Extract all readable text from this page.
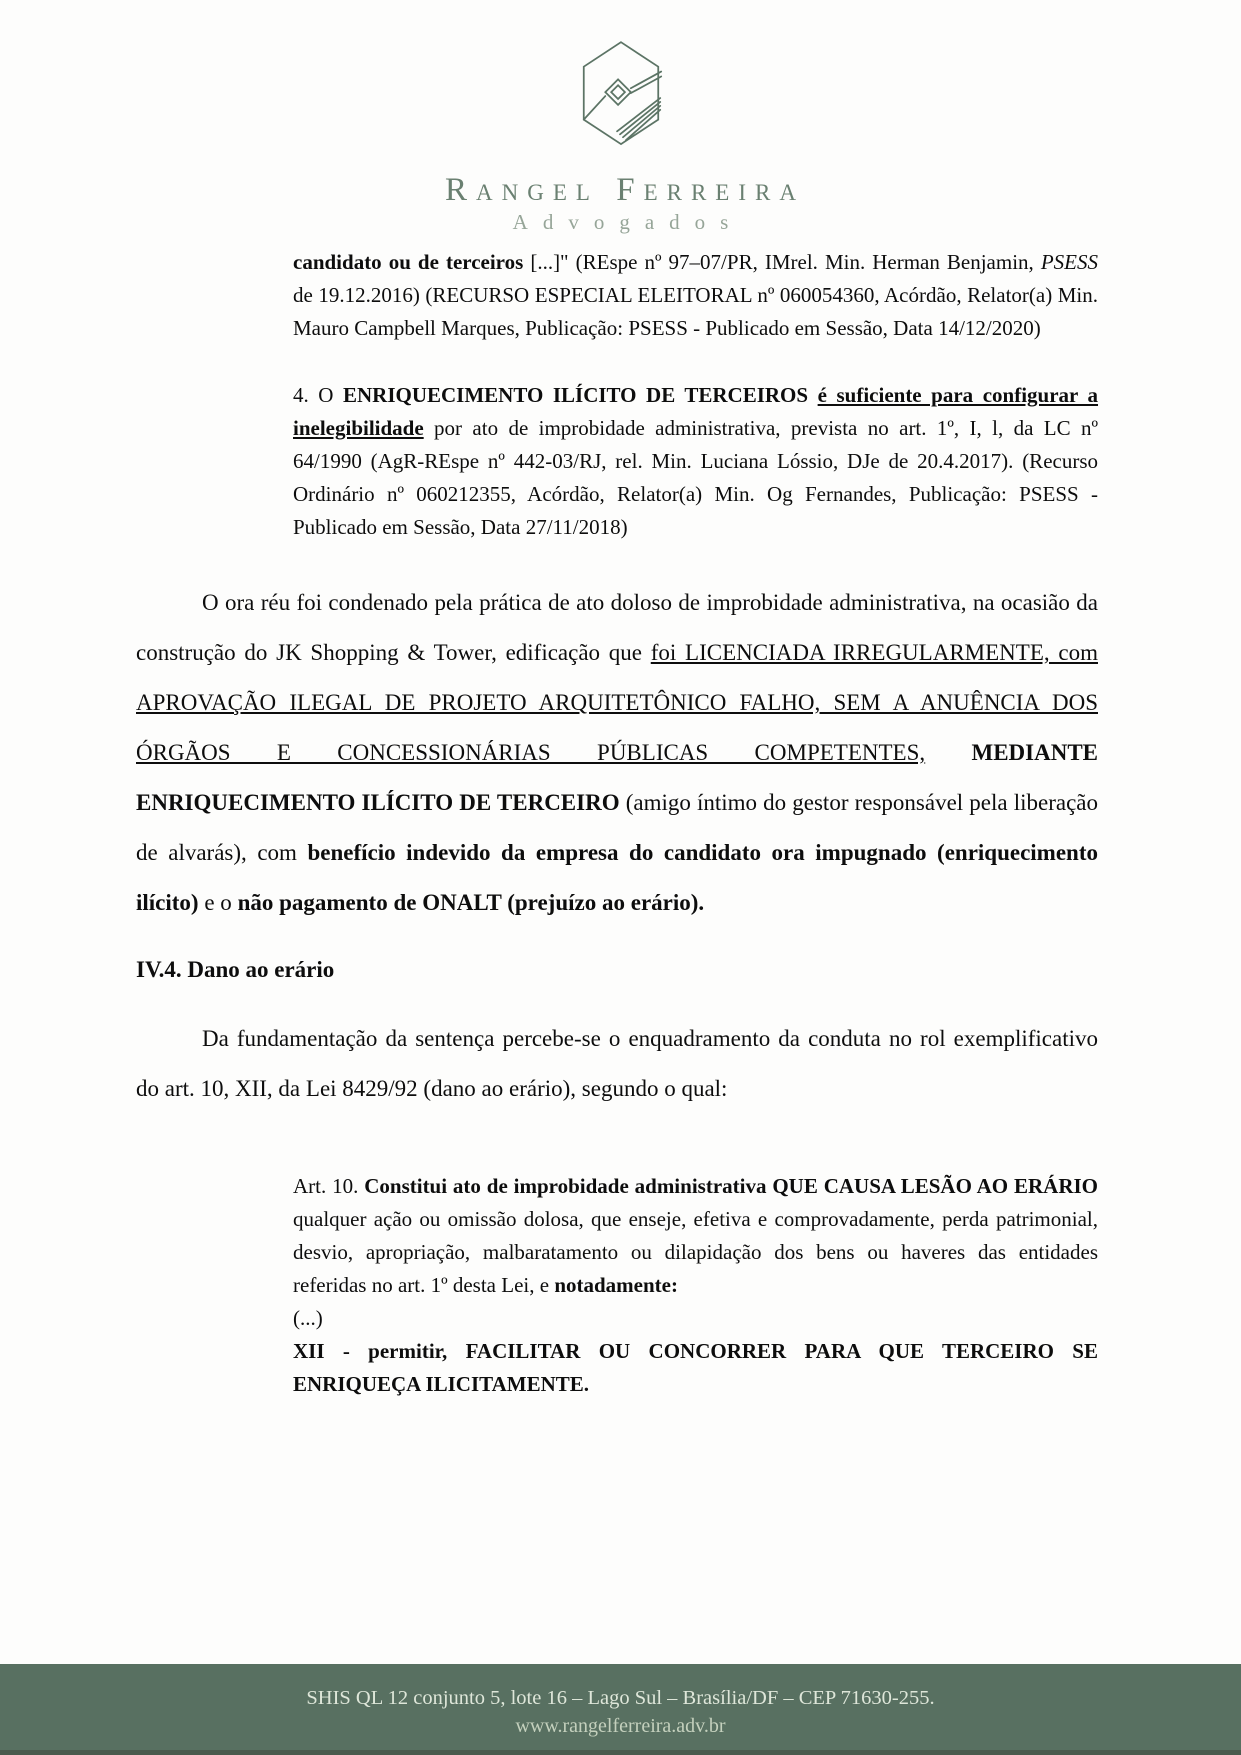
Rangel Ferreira
Advogados

candidato ou de terceiros [...]" (REspe nº 97–07/PR, IMrel. Min. Herman Benjamin, PSESS de 19.12.2016) (RECURSO ESPECIAL ELEITORAL nº 060054360, Acórdão, Relator(a) Min. Mauro Campbell Marques, Publicação: PSESS - Publicado em Sessão, Data 14/12/2020)

4. O ENRIQUECIMENTO ILÍCITO DE TERCEIROS é suficiente para configurar a inelegibilidade por ato de improbidade administrativa, prevista no art. 1º, I, l, da LC nº 64/1990 (AgR-REspe nº 442-03/RJ, rel. Min. Luciana Lóssio, DJe de 20.4.2017). (Recurso Ordinário nº 060212355, Acórdão, Relator(a) Min. Og Fernandes, Publicação: PSESS - Publicado em Sessão, Data 27/11/2018)

O ora réu foi condenado pela prática de ato doloso de improbidade administrativa, na ocasião da construção do JK Shopping & Tower, edificação que foi LICENCIADA IRREGULARMENTE, com APROVAÇÃO ILEGAL DE PROJETO ARQUITETÔNICO FALHO, SEM A ANUÊNCIA DOS ÓRGÃOS E CONCESSIONÁRIAS PÚBLICAS COMPETENTES, MEDIANTE ENRIQUECIMENTO ILÍCITO DE TERCEIRO (amigo íntimo do gestor responsável pela liberação de alvarás), com benefício indevido da empresa do candidato ora impugnado (enriquecimento ilícito) e o não pagamento de ONALT (prejuízo ao erário).

IV.4. Dano ao erário

Da fundamentação da sentença percebe-se o enquadramento da conduta no rol exemplificativo do art. 10, XII, da Lei 8429/92 (dano ao erário), segundo o qual:

Art. 10. Constitui ato de improbidade administrativa QUE CAUSA LESÃO AO ERÁRIO qualquer ação ou omissão dolosa, que enseje, efetiva e comprovadamente, perda patrimonial, desvio, apropriação, malbaratamento ou dilapidação dos bens ou haveres das entidades referidas no art. 1º desta Lei, e notadamente:
(...)
XII - permitir, FACILITAR OU CONCORRER PARA QUE TERCEIRO SE ENRIQUEÇA ILICITAMENTE.

SHIS QL 12 conjunto 5, lote 16 – Lago Sul – Brasília/DF – CEP 71630-255.
www.rangelferreira.adv.br
